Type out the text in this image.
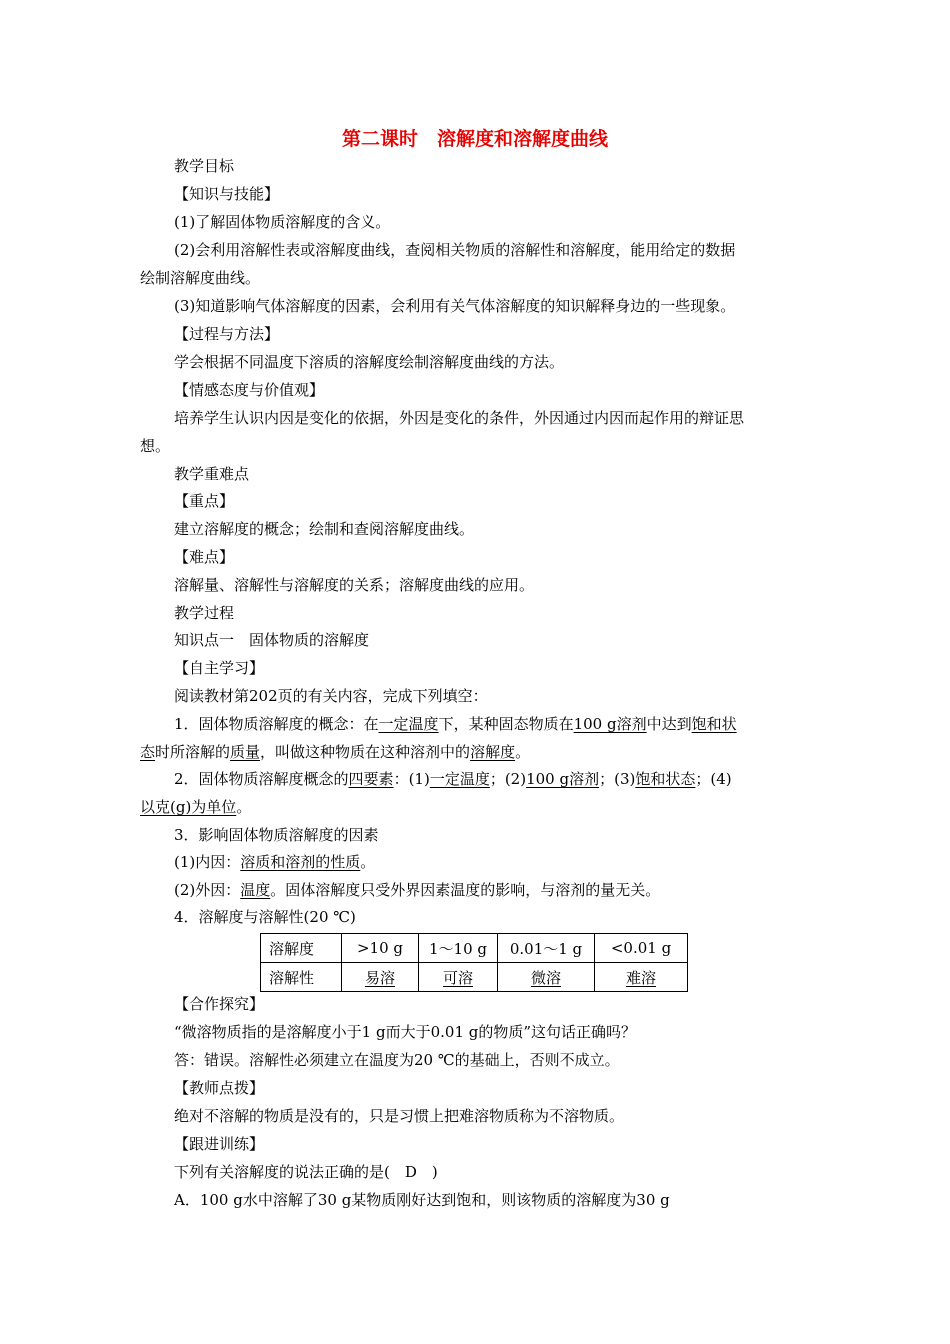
第二课时　溶解度和溶解度曲线
教学目标
【知识与技能】
(1)了解固体物质溶解度的含义。
(2)会利用溶解性表或溶解度曲线，查阅相关物质的溶解性和溶解度，能用给定的数据
绘制溶解度曲线。
(3)知道影响气体溶解度的因素，会利用有关气体溶解度的知识解释身边的一些现象。
【过程与方法】
学会根据不同温度下溶质的溶解度绘制溶解度曲线的方法。
【情感态度与价值观】
培养学生认识内因是变化的依据，外因是变化的条件，外因通过内因而起作用的辩证思
想。
教学重难点
【重点】
建立溶解度的概念；绘制和查阅溶解度曲线。
【难点】
溶解量、溶解性与溶解度的关系；溶解度曲线的应用。
教学过程
知识点一　固体物质的溶解度
【自主学习】
阅读教材第202页的有关内容，完成下列填空：
1．固体物质溶解度的概念：在一定温度下，某种固态物质在100 g溶剂中达到饱和状
态时所溶解的质量，叫做这种物质在这种溶剂中的溶解度。
2．固体物质溶解度概念的四要素：(1)一定温度；(2)100 g溶剂；(3)饱和状态；(4)
以克(g)为单位。
3．影响固体物质溶解度的因素
(1)内因：溶质和溶剂的性质。
(2)外因：温度。固体溶解度只受外界因素温度的影响，与溶剂的量无关。
4．溶解度与溶解性(20 ℃)
溶解度	>10 g	1～10 g	0.01～1 g	<0.01 g
溶解性	易溶	可溶	微溶	难溶
【合作探究】
“微溶物质指的是溶解度小于1 g而大于0.01 g的物质”这句话正确吗？
答：错误。溶解性必须建立在温度为20 ℃的基础上，否则不成立。
【教师点拨】
绝对不溶解的物质是没有的，只是习惯上把难溶物质称为不溶物质。
【跟进训练】
下列有关溶解度的说法正确的是(　D　)
A．100 g水中溶解了30 g某物质刚好达到饱和，则该物质的溶解度为30 g
